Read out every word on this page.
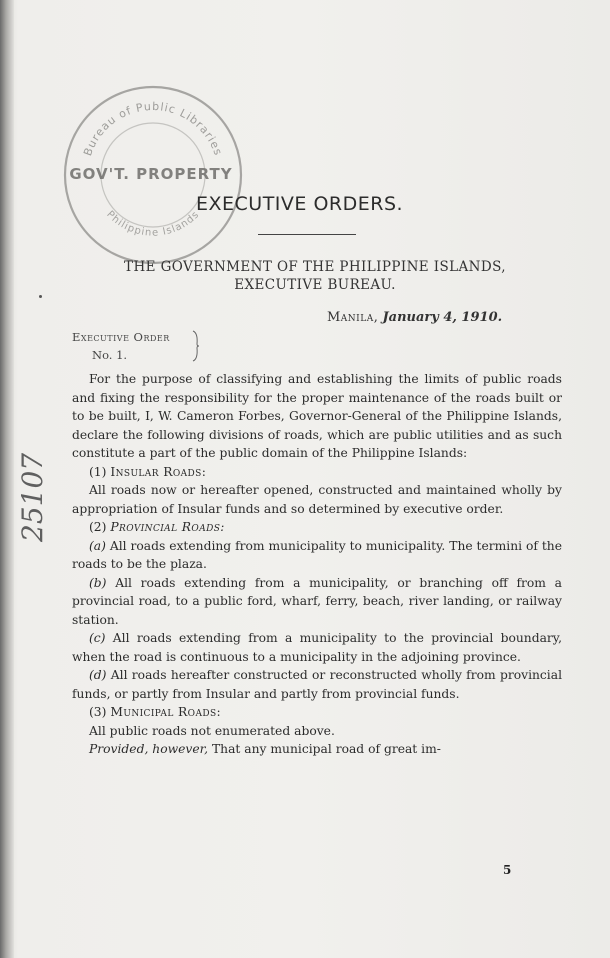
Bureau of Public Libraries
Philippine Islands
GOV'T. PROPERTY
25107
EXECUTIVE ORDERS.
THE GOVERNMENT OF THE PHILIPPINE ISLANDS,
EXECUTIVE BUREAU.
Manila, January 4, 1910.
Executive Order
No. 1.

For the purpose of classifying and establishing the limits of public roads and fixing the responsibility for the proper maintenance of the roads built or to be built, I, W. Cameron Forbes, Governor-General of the Philippine Islands, declare the following divisions of roads, which are public utilities and as such constitute a part of the public domain of the Philippine Islands:

(1) Insular Roads:

All roads now or hereafter opened, constructed and maintained wholly by appropriation of Insular funds and so determined by executive order.

(2) Provincial Roads:

(a) All roads extending from municipality to municipality. The termini of the roads to be the plaza.

(b) All roads extending from a municipality, or branching off from a provincial road, to a public ford, wharf, ferry, beach, river landing, or railway station.

(c) All roads extending from a municipality to the provincial boundary, when the road is continuous to a municipality in the adjoining province.

(d) All roads hereafter constructed or reconstructed wholly from provincial funds, or partly from Insular and partly from provincial funds.

(3) Municipal Roads:

All public roads not enumerated above.

Provided, however, That any municipal road of great im-

5
